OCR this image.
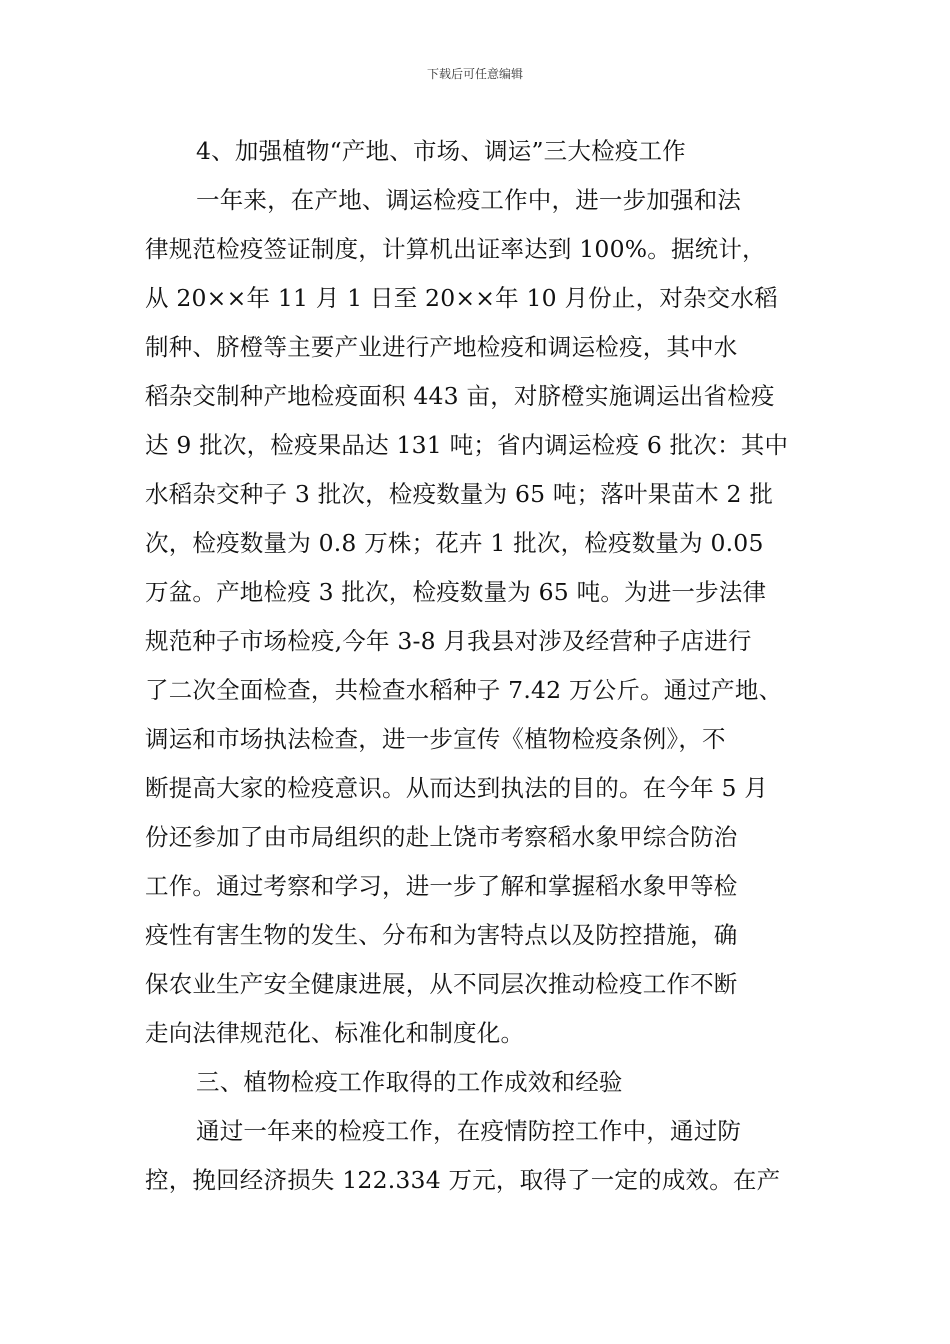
下载后可任意编辑
4、加强植物“产地、市场、调运”三大检疫工作
一年来，在产地、调运检疫工作中，进一步加强和法
律规范检疫签证制度，计算机出证率达到 100%。据统计，
从 20××年 11 月 1 日至 20××年 10 月份止，对杂交水稻
制种、脐橙等主要产业进行产地检疫和调运检疫，其中水
稻杂交制种产地检疫面积 443 亩，对脐橙实施调运出省检疫
达 9 批次，检疫果品达 131 吨；省内调运检疫 6 批次：其中
水稻杂交种子 3 批次，检疫数量为 65 吨；落叶果苗木 2 批
次，检疫数量为 0.8 万株；花卉 1 批次，检疫数量为 0.05
万盆。产地检疫 3 批次，检疫数量为 65 吨。为进一步法律
规范种子市场检疫,今年 3-8 月我县对涉及经营种子店进行
了二次全面检查，共检查水稻种子 7.42 万公斤。通过产地、
调运和市场执法检查，进一步宣传《植物检疫条例》，不
断提高大家的检疫意识。从而达到执法的目的。在今年 5 月
份还参加了由市局组织的赴上饶市考察稻水象甲综合防治
工作。通过考察和学习，进一步了解和掌握稻水象甲等检
疫性有害生物的发生、分布和为害特点以及防控措施，确
保农业生产安全健康进展，从不同层次推动检疫工作不断
走向法律规范化、标准化和制度化。
三、植物检疫工作取得的工作成效和经验
通过一年来的检疫工作，在疫情防控工作中，通过防
控，挽回经济损失 122.334 万元，取得了一定的成效。在产
